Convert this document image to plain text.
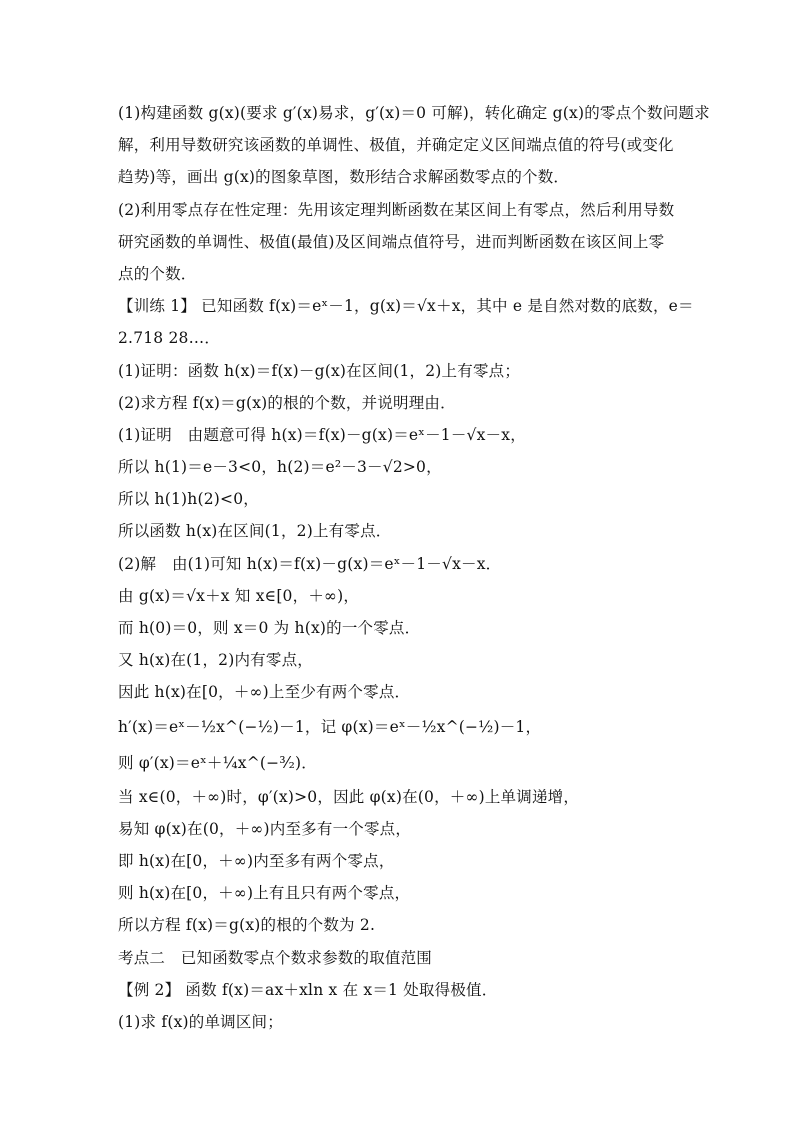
(1)构建函数 g(x)(要求 g′(x)易求，g′(x)＝0 可解)，转化确定 g(x)的零点个数问题求
解，利用导数研究该函数的单调性、极值，并确定定义区间端点值的符号(或变化
趋势)等，画出 g(x)的图象草图，数形结合求解函数零点的个数．
(2)利用零点存在性定理：先用该定理判断函数在某区间上有零点，然后利用导数
研究函数的单调性、极值(最值)及区间端点值符号，进而判断函数在该区间上零
点的个数．
【训练 1】 已知函数 f(x)＝eˣ－1，g(x)＝√x＋x，其中 e 是自然对数的底数，e＝
2.718 28…．
(1)证明：函数 h(x)＝f(x)－g(x)在区间(1，2)上有零点；
(2)求方程 f(x)＝g(x)的根的个数，并说明理由．
(1)证明　由题意可得 h(x)＝f(x)－g(x)＝eˣ－1－√x－x，
所以 h(1)＝e－3<0，h(2)＝e²－3－√2>0，
所以 h(1)h(2)<0，
所以函数 h(x)在区间(1，2)上有零点．
(2)解　由(1)可知 h(x)＝f(x)－g(x)＝eˣ－1－√x－x．
由 g(x)＝√x＋x 知 x∈[0，＋∞)，
而 h(0)＝0，则 x＝0 为 h(x)的一个零点．
又 h(x)在(1，2)内有零点，
因此 h(x)在[0，＋∞)上至少有两个零点．
h′(x)＝eˣ－½x^(−½)－1，记 φ(x)＝eˣ－½x^(−½)－1，
则 φ′(x)＝eˣ＋¼x^(−³⁄₂)．
当 x∈(0，＋∞)时，φ′(x)>0，因此 φ(x)在(0，＋∞)上单调递增，
易知 φ(x)在(0，＋∞)内至多有一个零点，
即 h(x)在[0，＋∞)内至多有两个零点，
则 h(x)在[0，＋∞)上有且只有两个零点，
所以方程 f(x)＝g(x)的根的个数为 2.
考点二　已知函数零点个数求参数的取值范围
【例 2】 函数 f(x)＝ax＋xln x 在 x＝1 处取得极值．
(1)求 f(x)的单调区间；
